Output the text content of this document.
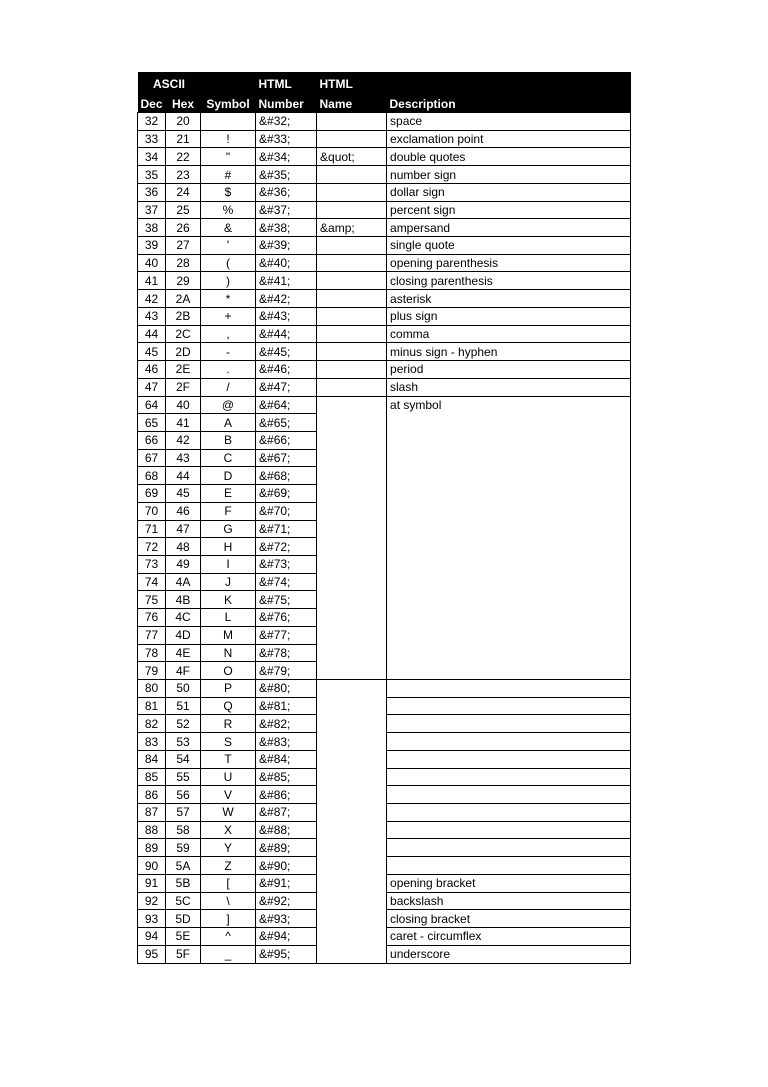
ASCII			HTML	HTML	
Dec	Hex	Symbol	Number	Name	Description
32	20		&#32;		space
33	21	!	&#33;		exclamation point
34	22	"	&#34;	&quot;	double quotes
35	23	#	&#35;		number sign
36	24	$	&#36;		dollar sign
37	25	%	&#37;		percent sign
38	26	&	&#38;	&amp;	ampersand
39	27	'	&#39;		single quote
40	28	(	&#40;		opening parenthesis
41	29	)	&#41;		closing parenthesis
42	2A	*	&#42;		asterisk
43	2B	+	&#43;		plus sign
44	2C	,	&#44;		comma
45	2D	-	&#45;		minus sign - hyphen
46	2E	.	&#46;		period
47	2F	/	&#47;		slash
64	40	@	&#64;		at symbol
65	41	A	&#65;		
66	42	B	&#66;		
67	43	C	&#67;		
68	44	D	&#68;		
69	45	E	&#69;		
70	46	F	&#70;		
71	47	G	&#71;		
72	48	H	&#72;		
73	49	I	&#73;		
74	4A	J	&#74;		
75	4B	K	&#75;		
76	4C	L	&#76;		
77	4D	M	&#77;		
78	4E	N	&#78;		
79	4F	O	&#79;		
80	50	P	&#80;		
81	51	Q	&#81;		
82	52	R	&#82;		
83	53	S	&#83;		
84	54	T	&#84;		
85	55	U	&#85;		
86	56	V	&#86;		
87	57	W	&#87;		
88	58	X	&#88;		
89	59	Y	&#89;		
90	5A	Z	&#90;		
91	5B	[	&#91;		opening bracket
92	5C	\	&#92;		backslash
93	5D	]	&#93;		closing bracket
94	5E	^	&#94;		caret - circumflex
95	5F	_	&#95;		underscore
